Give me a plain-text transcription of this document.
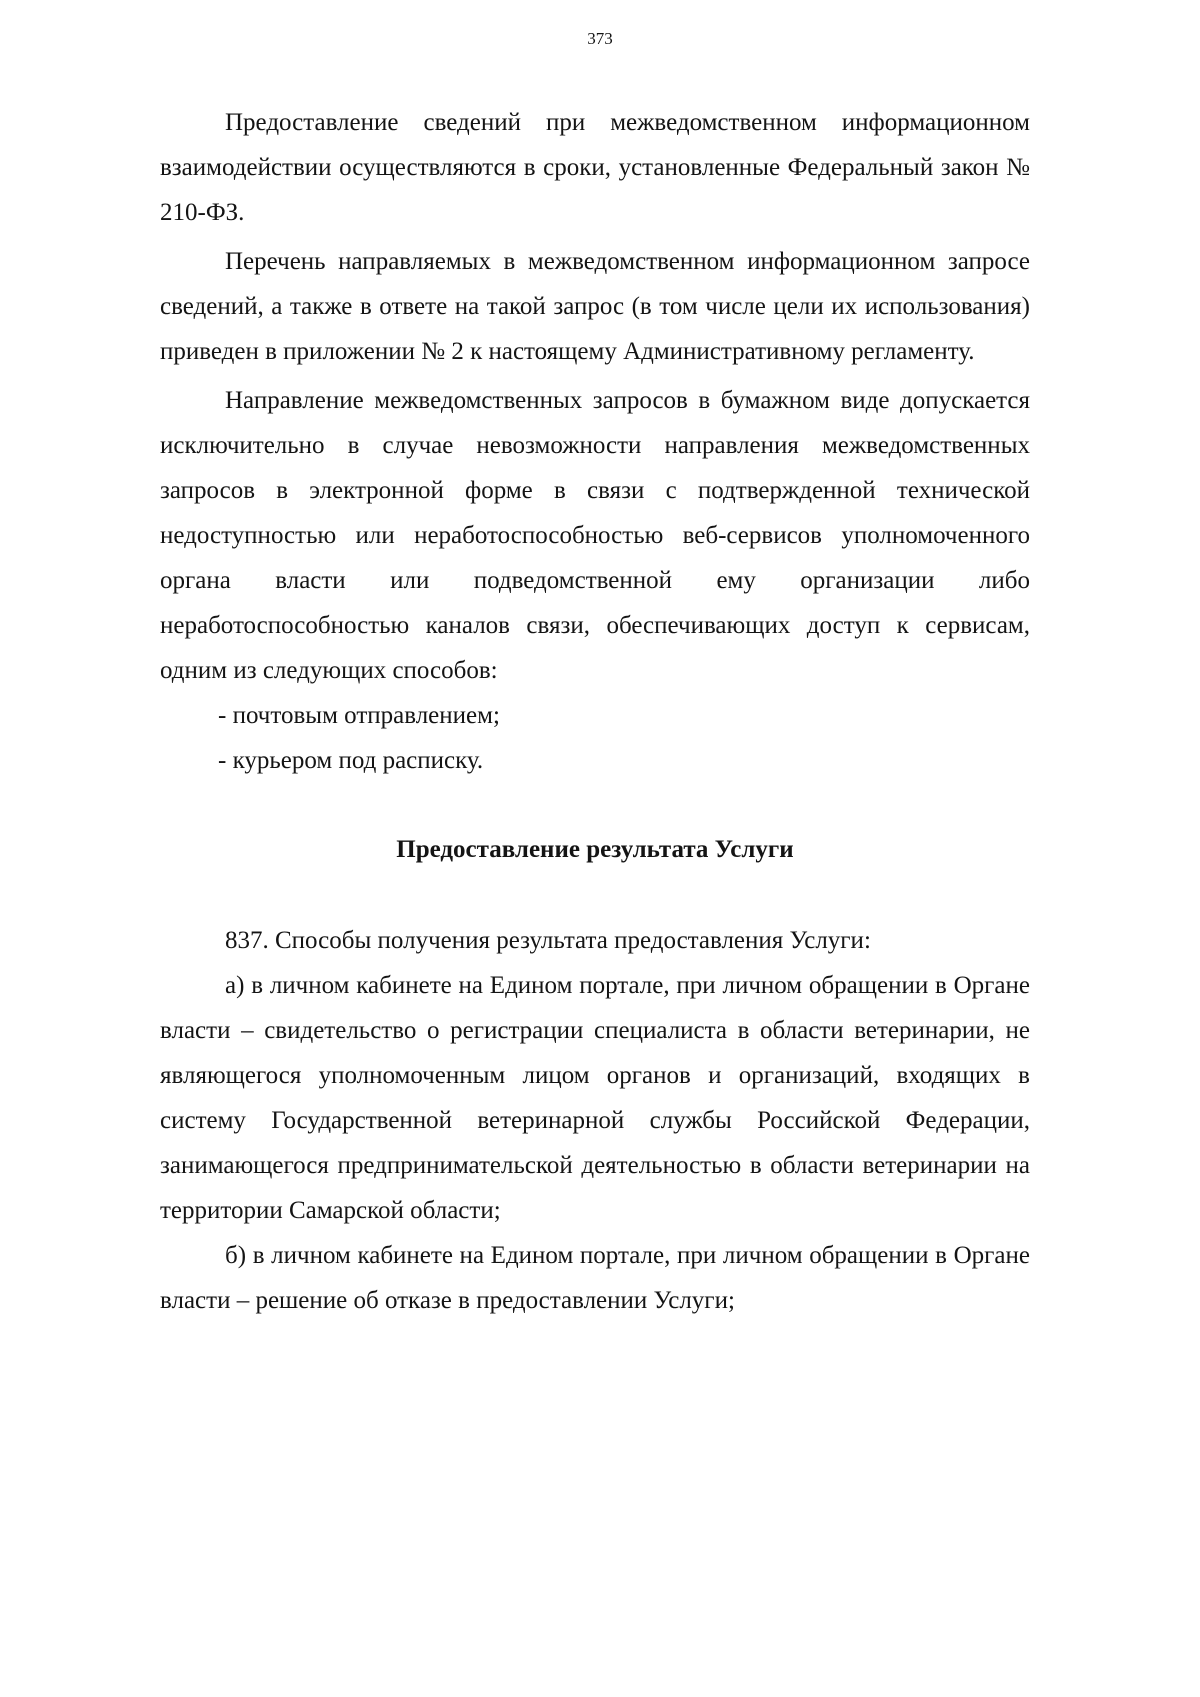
373

Предоставление сведений при межведомственном информационном взаимодействии осуществляются в сроки, установленные Федеральный закон № 210-ФЗ.

Перечень направляемых в межведомственном информационном запросе сведений, а также в ответе на такой запрос (в том числе цели их использования) приведен в приложении № 2 к настоящему Административному регламенту.

Направление межведомственных запросов в бумажном виде допускается исключительно в случае невозможности направления межведомственных запросов в электронной форме в связи с подтвержденной технической недоступностью или неработоспособностью веб-сервисов уполномоченного органа власти или подведомственной ему организации либо неработоспособностью каналов связи, обеспечивающих доступ к сервисам, одним из следующих способов:

- почтовым отправлением;

- курьером под расписку.

Предоставление результата Услуги

837. Способы получения результата предоставления Услуги:

а) в личном кабинете на Едином портале, при личном обращении в Органе власти – свидетельство о регистрации специалиста в области ветеринарии, не являющегося уполномоченным лицом органов и организаций, входящих в систему Государственной ветеринарной службы Российской Федерации, занимающегося предпринимательской деятельностью в области ветеринарии на территории Самарской области;

б) в личном кабинете на Едином портале, при личном обращении в Органе власти – решение об отказе в предоставлении Услуги;
